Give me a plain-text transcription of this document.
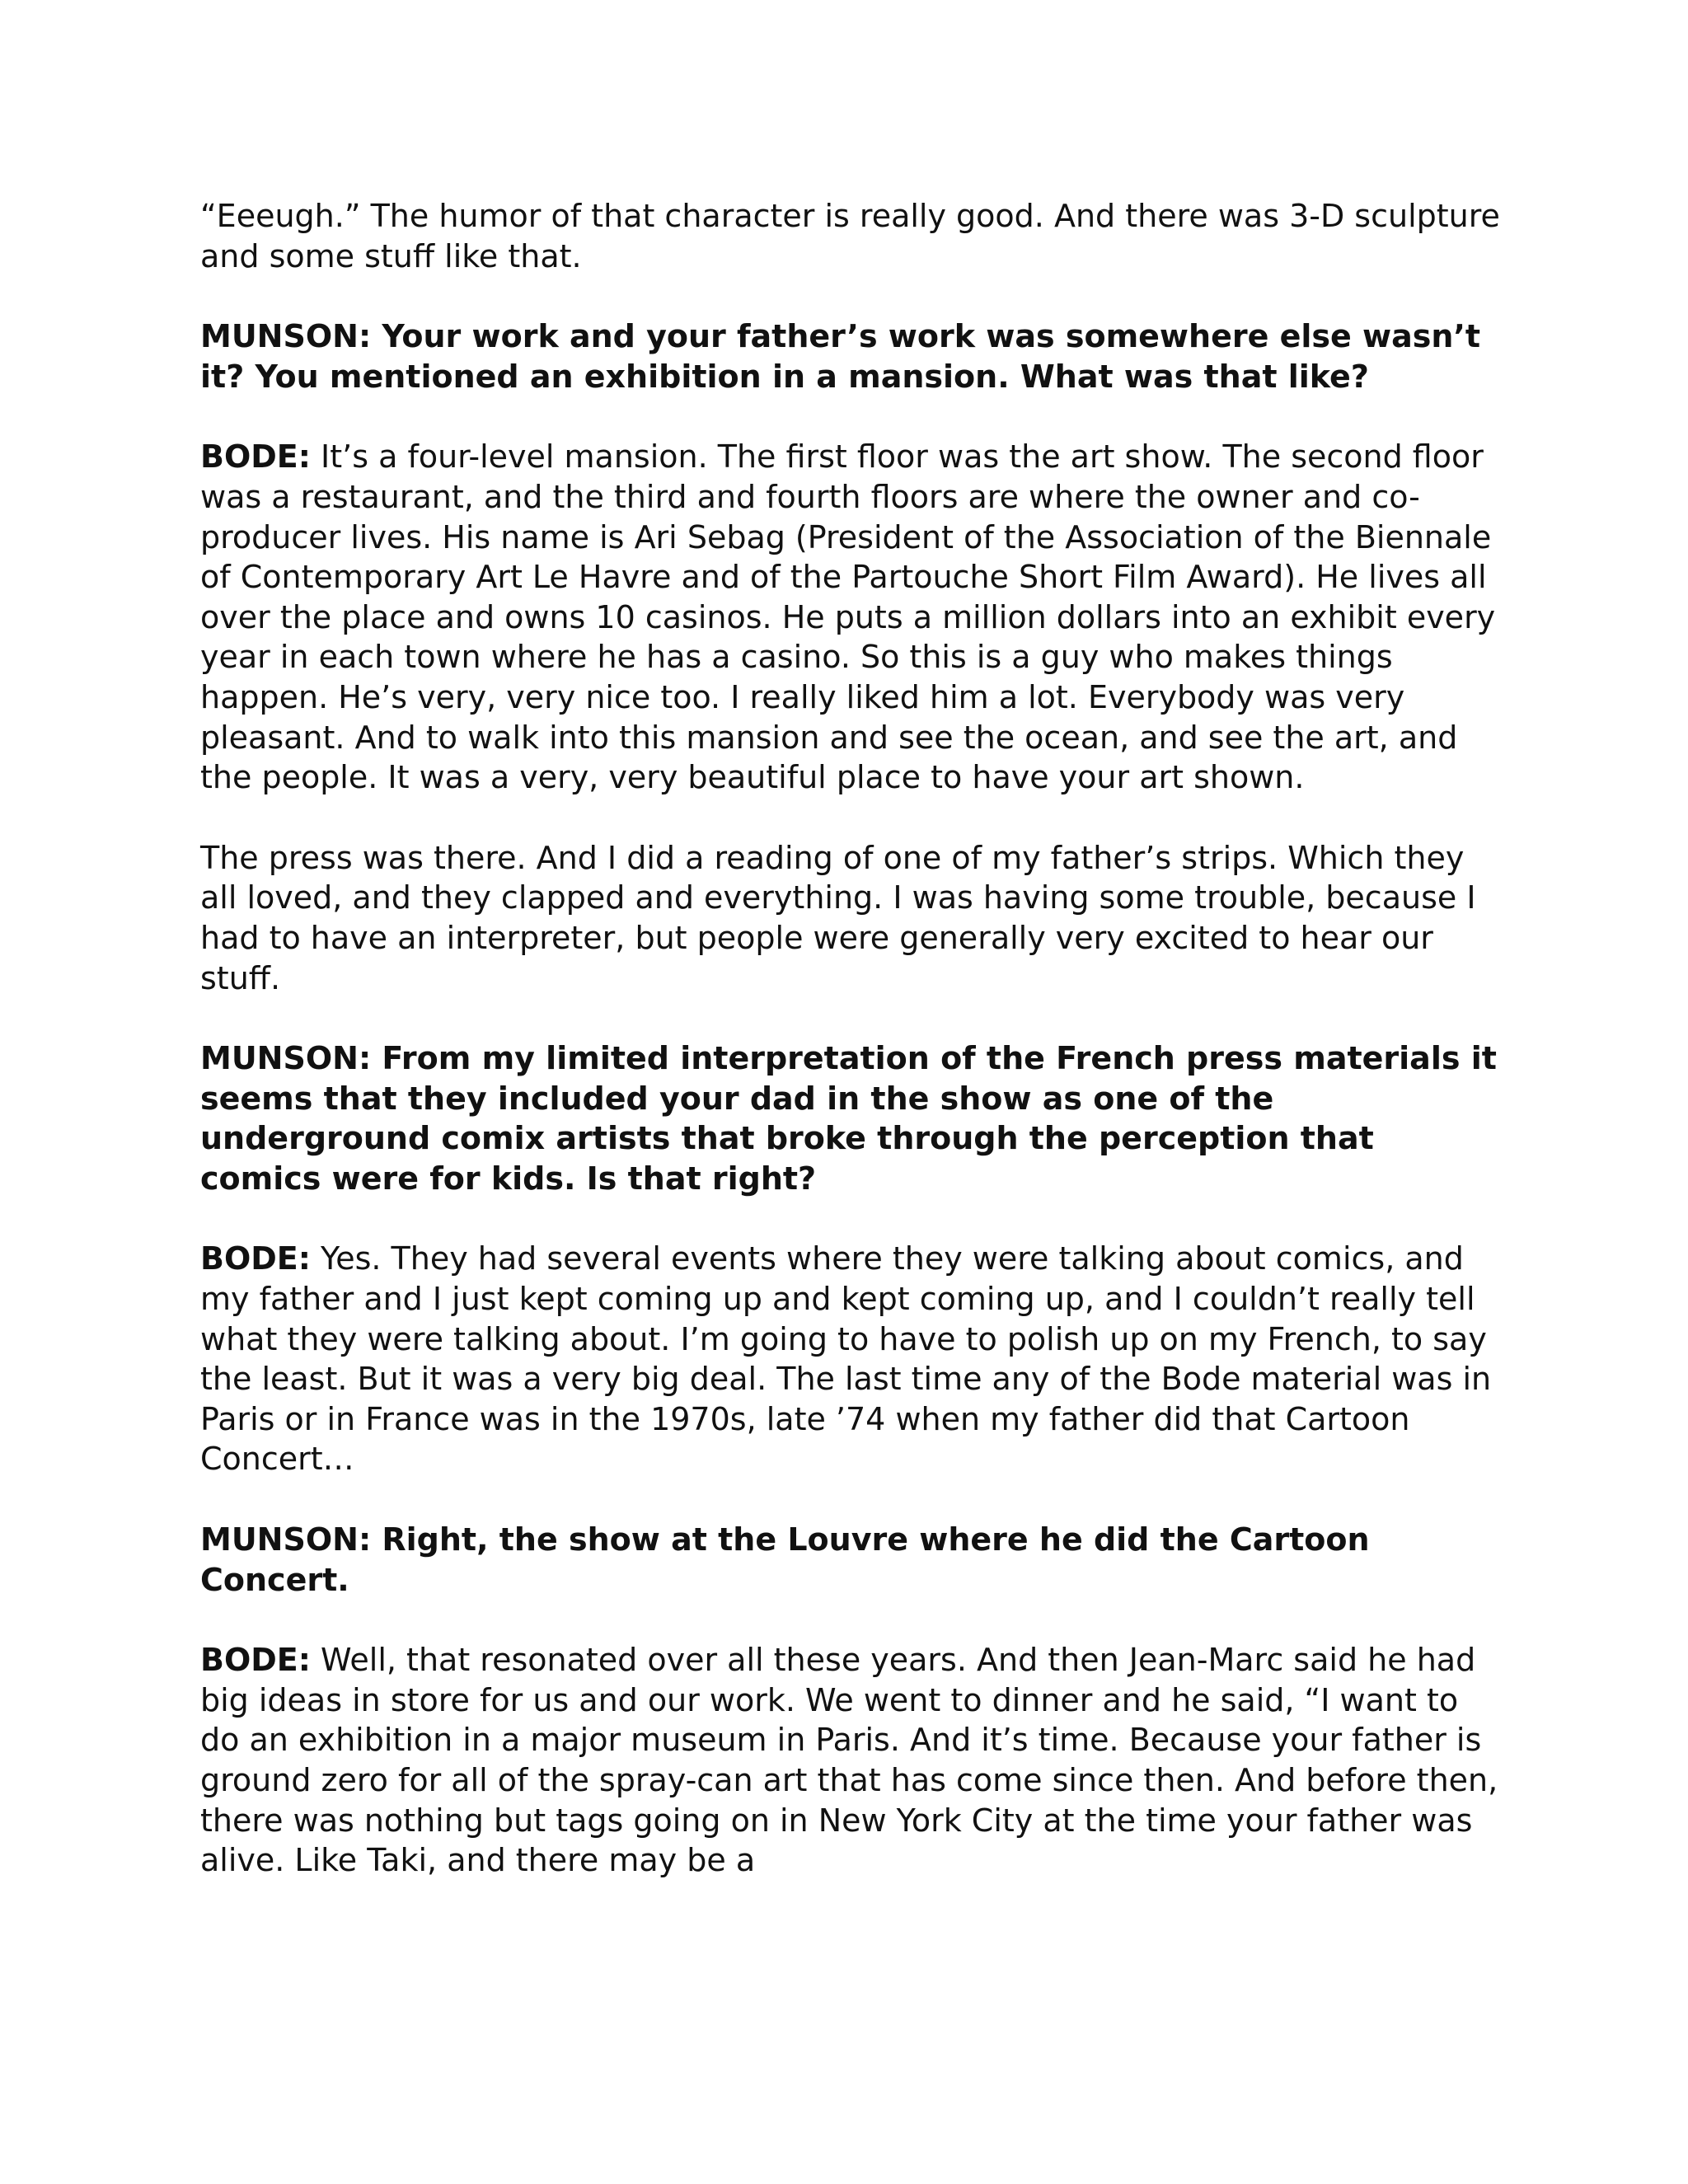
“Eeeugh.” The humor of that character is really good. And there was 3-D sculpture and some stuff like that.

MUNSON: Your work and your father’s work was somewhere else wasn’t it? You mentioned an exhibition in a mansion. What was that like?

BODE: It’s a four-level mansion. The first floor was the art show. The second floor was a restaurant, and the third and fourth floors are where the owner and co-producer lives. His name is Ari Sebag (President of the Association of the Biennale of Contemporary Art Le Havre and of the Partouche Short Film Award). He lives all over the place and owns 10 casinos. He puts a million dollars into an exhibit every year in each town where he has a casino. So this is a guy who makes things happen. He’s very, very nice too. I really liked him a lot. Everybody was very pleasant. And to walk into this mansion and see the ocean, and see the art, and the people. It was a very, very beautiful place to have your art shown.

The press was there. And I did a reading of one of my father’s strips. Which they all loved, and they clapped and everything. I was having some trouble, because I had to have an interpreter, but people were generally very excited to hear our stuff.

MUNSON: From my limited interpretation of the French press materials it seems that they included your dad in the show as one of the underground comix artists that broke through the perception that comics were for kids. Is that right?

BODE: Yes. They had several events where they were talking about comics, and my father and I just kept coming up and kept coming up, and I couldn’t really tell what they were talking about. I’m going to have to polish up on my French, to say the least. But it was a very big deal. The last time any of the Bode material was in Paris or in France was in the 1970s, late ’74 when my father did that Cartoon Concert…

MUNSON: Right, the show at the Louvre where he did the Cartoon Concert.

BODE: Well, that resonated over all these years. And then Jean-Marc said he had big ideas in store for us and our work. We went to dinner and he said, “I want to do an exhibition in a major museum in Paris. And it’s time. Because your father is ground zero for all of the spray-can art that has come since then. And before then, there was nothing but tags going on in New York City at the time your father was alive. Like Taki, and there may be a
